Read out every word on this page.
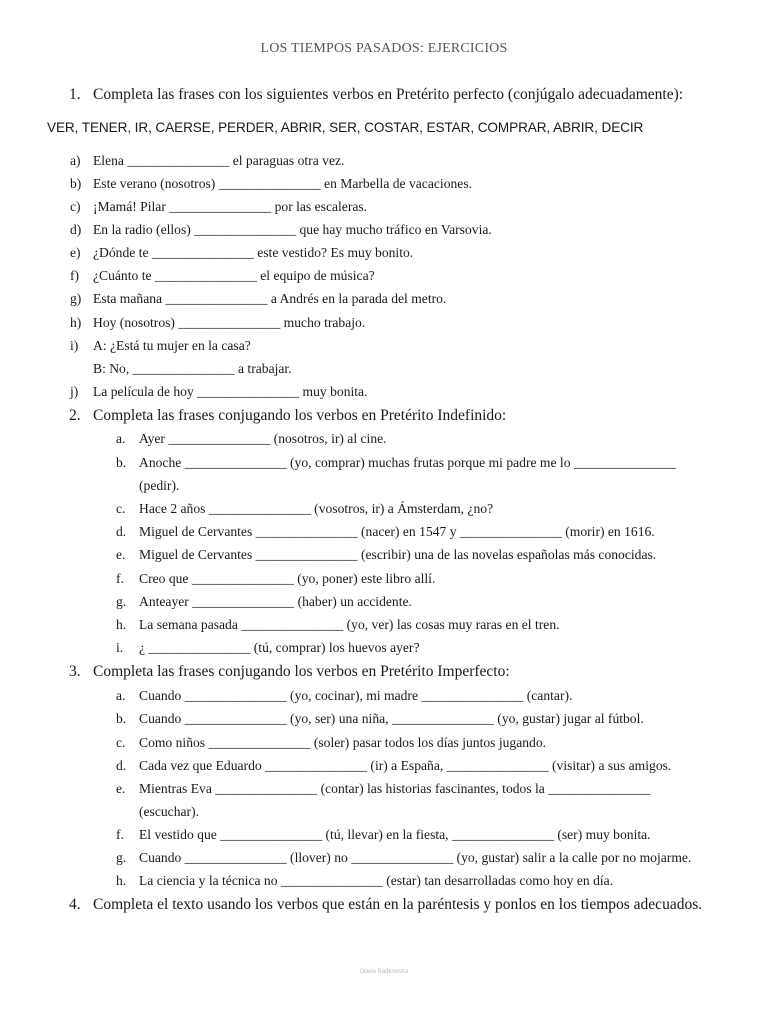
LOS TIEMPOS PASADOS: EJERCICIOS
1. Completa las frases con los siguientes verbos en Pretérito perfecto (conjúgalo adecuadamente):
VER, TENER, IR, CAERSE, PERDER, ABRIR, SER, COSTAR, ESTAR, COMPRAR, ABRIR, DECIR
a) Elena _______________ el paraguas otra vez.
b) Este verano (nosotros) _______________ en Marbella de vacaciones.
c) ¡Mamá! Pilar _______________ por las escaleras.
d) En la radio (ellos) _______________ que hay mucho tráfico en Varsovia.
e) ¿Dónde te _______________ este vestido? Es muy bonito.
f) ¿Cuánto te _______________ el equipo de música?
g) Esta mañana _______________ a Andrés en la parada del metro.
h) Hoy (nosotros) _______________ mucho trabajo.
i) A: ¿Está tu mujer en la casa?
B: No, _______________ a trabajar.
j) La película de hoy _______________ muy bonita.
2. Completa las frases conjugando los verbos en Pretérito Indefinido:
a. Ayer _______________ (nosotros, ir) al cine.
b. Anoche _______________ (yo, comprar) muchas frutas porque mi padre me lo _______________
(pedir).
c. Hace 2 años _______________ (vosotros, ir) a Ámsterdam, ¿no?
d. Miguel de Cervantes _______________ (nacer) en 1547 y _______________ (morir) en 1616.
e. Miguel de Cervantes _______________ (escribir) una de las novelas españolas más conocidas.
f. Creo que _______________ (yo, poner) este libro allí.
g. Anteayer _______________ (haber) un accidente.
h. La semana pasada _______________ (yo, ver) las cosas muy raras en el tren.
i. ¿ _______________ (tú, comprar) los huevos ayer?
3. Completa las frases conjugando los verbos en Pretérito Imperfecto:
a. Cuando _______________ (yo, cocinar), mi madre _______________ (cantar).
b. Cuando _______________ (yo, ser) una niña, _______________ (yo, gustar) jugar al fútbol.
c. Como niños _______________ (soler) pasar todos los días juntos jugando.
d. Cada vez que Eduardo _______________ (ir) a España, _______________ (visitar) a sus amigos.
e. Mientras Eva _______________ (contar) las historias fascinantes, todos la _______________
(escuchar).
f. El vestido que _______________ (tú, llevar) en la fiesta, _______________ (ser) muy bonita.
g. Cuando _______________ (llover) no _______________ (yo, gustar) salir a la calle por no mojarme.
h. La ciencia y la técnica no _______________ (estar) tan desarrolladas como hoy en día.
4. Completa el texto usando los verbos que están en la paréntesis y ponlos en los tiempos adecuados.
Oliwia Radkowska
